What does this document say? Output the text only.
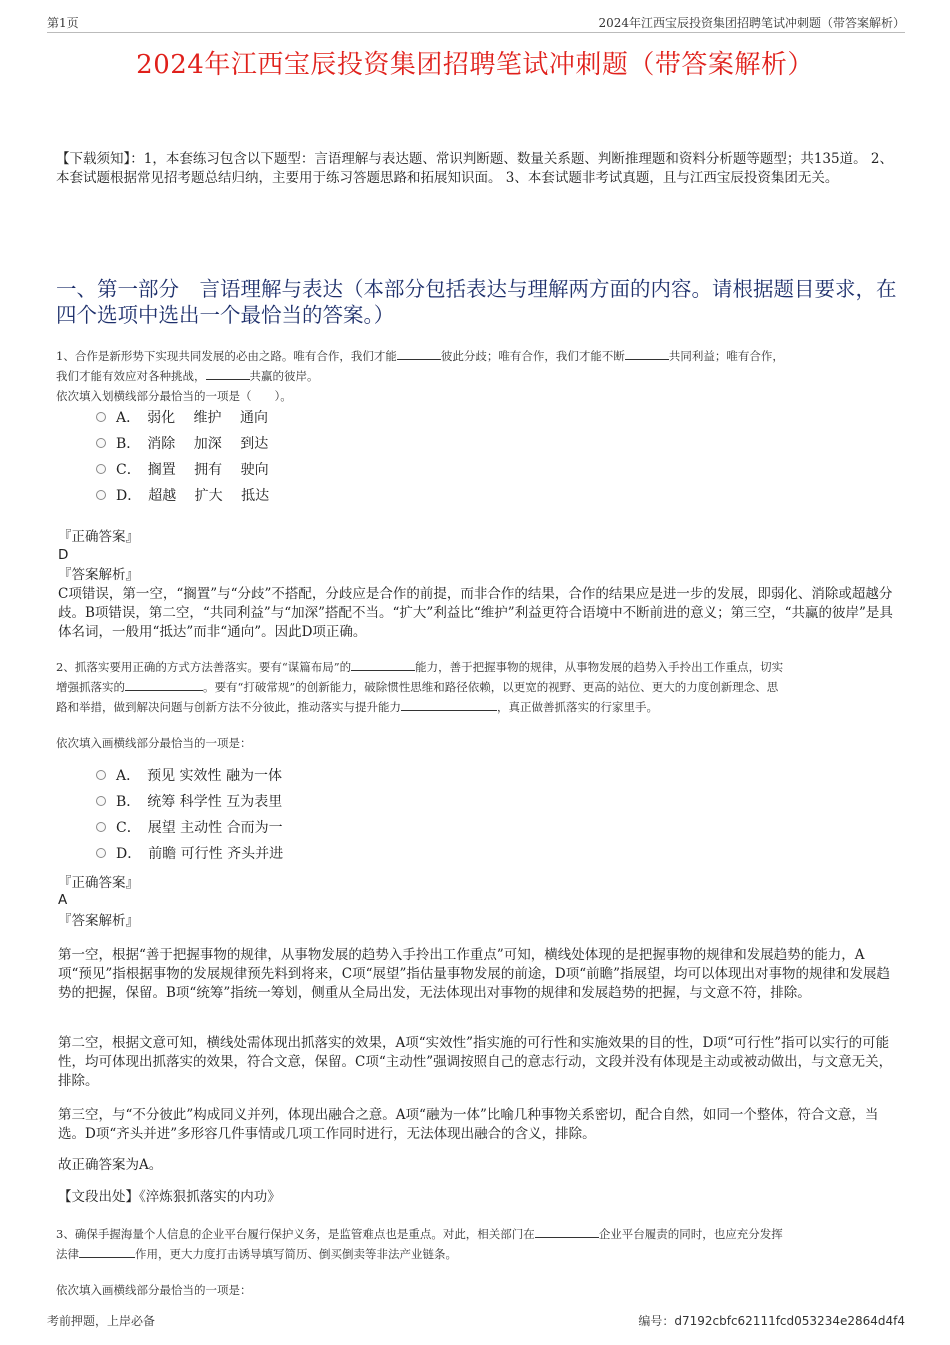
第1页	2024年江西宝辰投资集团招聘笔试冲刺题（带答案解析）
2024年江西宝辰投资集团招聘笔试冲刺题（带答案解析）
【下载须知】：1，本套练习包含以下题型：言语理解与表达题、常识判断题、数量关系题、判断推理题和资料分析题等题型；共135道。 2、本套试题根据常见招考题总结归纳，主要用于练习答题思路和拓展知识面。 3、本套试题非考试真题，且与江西宝辰投资集团无关。
一、第一部分　言语理解与表达（本部分包括表达与理解两方面的内容。请根据题目要求，在四个选项中选出一个最恰当的答案。）
1、合作是新形势下实现共同发展的必由之路。唯有合作，我们才能	彼此分歧；唯有合作，我们才能不断	共同利益；唯有合作，
我们才能有效应对各种挑战，	共赢的彼岸。
依次填入划横线部分最恰当的一项是（　　）。
A．　弱化　 维护　 通向
B．　消除　 加深　 到达
C．　搁置　 拥有　 驶向
D．　超越　 扩大　 抵达
『正确答案』
D
『答案解析』
C项错误，第一空，“搁置”与“分歧”不搭配，分歧应是合作的前提，而非合作的结果，合作的结果应是进一步的发展，即弱化、消除或超越分歧。B项错误，第二空，“共同利益”与“加深”搭配不当。“扩大”利益比“维护”利益更符合语境中不断前进的意义；第三空，“共赢的彼岸”是具体名词，一般用“抵达”而非“通向”。因此D项正确。
2、抓落实要用正确的方式方法善落实。要有“谋篇布局”的	能力，善于把握事物的规律，从事物发展的趋势入手拎出工作重点，切实
增强抓落实的	。要有“打破常规”的创新能力，破除惯性思维和路径依赖，以更宽的视野、更高的站位、更大的力度创新理念、思
路和举措，做到解决问题与创新方法不分彼此，推动落实与提升能力	，真正做善抓落实的行家里手。
依次填入画横线部分最恰当的一项是：
A．　预见 实效性 融为一体
B．　统筹 科学性 互为表里
C．　展望 主动性 合而为一
D．　前瞻 可行性 齐头并进
『正确答案』
A
『答案解析』
第一空，根据“善于把握事物的规律，从事物发展的趋势入手拎出工作重点”可知，横线处体现的是把握事物的规律和发展趋势的能力，A项“预见”指根据事物的发展规律预先料到将来，C项“展望”指估量事物发展的前途，D项“前瞻”指展望，均可以体现出对事物的规律和发展趋势的把握，保留。B项“统筹”指统一筹划，侧重从全局出发，无法体现出对事物的规律和发展趋势的把握，与文意不符，排除。
第二空，根据文意可知，横线处需体现出抓落实的效果，A项“实效性”指实施的可行性和实施效果的目的性，D项“可行性”指可以实行的可能性，均可体现出抓落实的效果，符合文意，保留。C项“主动性”强调按照自己的意志行动，文段并没有体现是主动或被动做出，与文意无关，排除。
第三空，与“不分彼此”构成同义并列，体现出融合之意。A项“融为一体”比喻几种事物关系密切，配合自然，如同一个整体，符合文意，当选。D项“齐头并进”多形容几件事情或几项工作同时进行，无法体现出融合的含义，排除。
故正确答案为A。
【文段出处】《淬炼狠抓落实的内功》
3、确保手握海量个人信息的企业平台履行保护义务，是监管难点也是重点。对此，相关部门在	企业平台履责的同时，也应充分发挥
法律	作用，更大力度打击诱导填写简历、倒买倒卖等非法产业链条。
依次填入画横线部分最恰当的一项是：
考前押题，上岸必备	编号：d7192cbfc62111fcd053234e2864d4f4
